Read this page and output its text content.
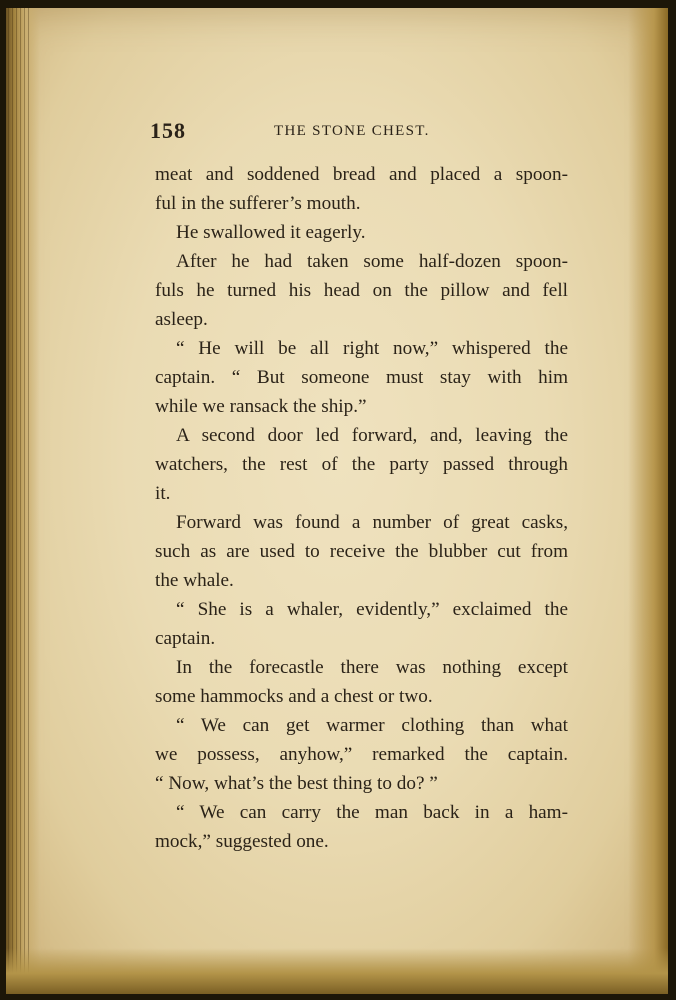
158	THE STONE CHEST.

meat and soddened bread and placed a spoon-
ful in the sufferer’s mouth.

He swallowed it eagerly.

After he had taken some half-dozen spoon-
fuls he turned his head on the pillow and fell
asleep.

“ He will be all right now,” whispered the
captain. “ But someone must stay with him
while we ransack the ship.”

A second door led forward, and, leaving the
watchers, the rest of the party passed through
it.

Forward was found a number of great casks,
such as are used to receive the blubber cut from
the whale.

“ She is a whaler, evidently,” exclaimed the
captain.

In the forecastle there was nothing except
some hammocks and a chest or two.

“ We can get warmer clothing than what
we possess, anyhow,” remarked the captain.
“ Now, what’s the best thing to do? ”

“ We can carry the man back in a ham-
mock,” suggested one.
